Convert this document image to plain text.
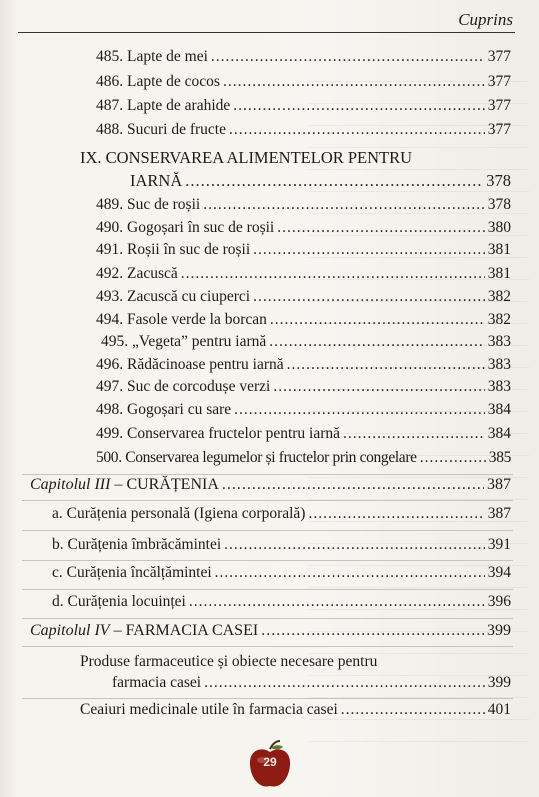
Cuprins
485. Lapte de mei .....	377
486. Lapte de cocos .....	377
487. Lapte de arahide .....	377
488. Sucuri de fructe .....	377
IX. CONSERVAREA ALIMENTELOR PENTRU
IARNĂ .....	378
489. Suc de roșii .....	378
490. Gogoșari în suc de roșii .....	380
491. Roșii în suc de roșii .....	381
492. Zacuscă .....	381
493. Zacuscă cu ciuperci .....	382
494. Fasole verde la borcan .....	382
495. „Vegeta” pentru iarnă .....	383
496. Rădăcinoase pentru iarnă .....	383
497. Suc de corcodușe verzi .....	383
498. Gogoșari cu sare .....	384
499. Conservarea fructelor pentru iarnă .....	384
500. Conservarea legumelor și fructelor prin congelare .....	385
Capitolul III – CURĂȚENIA .....	387
a. Curățenia personală (Igiena corporală) .....	387
b. Curățenia îmbrăcămintei .....	391
c. Curățenia încălțămintei .....	394
d. Curățenia locuinței .....	396
Capitolul IV – FARMACIA CASEI .....	399
Produse farmaceutice și obiecte necesare pentru
farmacia casei .....	399
Ceaiuri medicinale utile în farmacia casei .....	401
29
